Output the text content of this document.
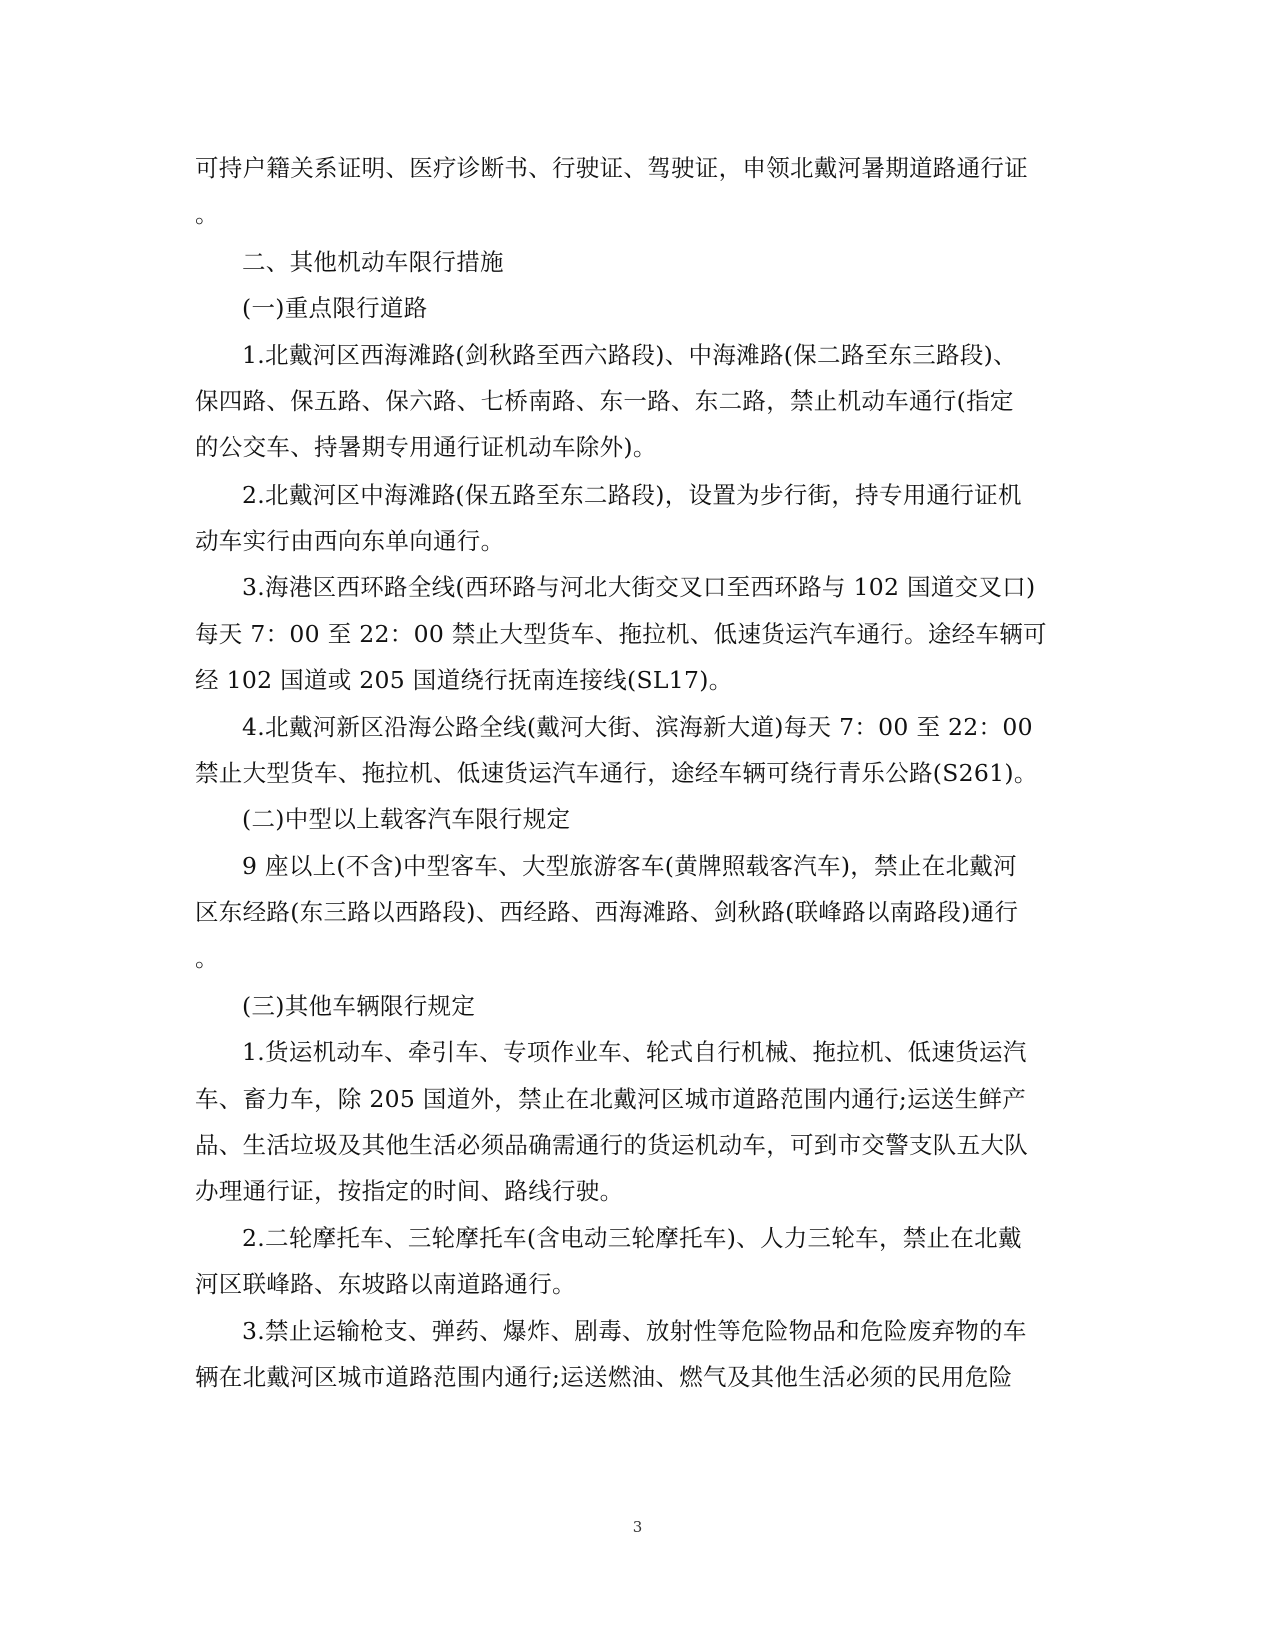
可持户籍关系证明、医疗诊断书、行驶证、驾驶证，申领北戴河暑期道路通行证
。
二、其他机动车限行措施
(一)重点限行道路
1.北戴河区西海滩路(剑秋路至西六路段)、中海滩路(保二路至东三路段)、
保四路、保五路、保六路、七桥南路、东一路、东二路，禁止机动车通行(指定
的公交车、持暑期专用通行证机动车除外)。
2.北戴河区中海滩路(保五路至东二路段)，设置为步行街，持专用通行证机
动车实行由西向东单向通行。
3.海港区西环路全线(西环路与河北大街交叉口至西环路与 102 国道交叉口)
每天 7：00 至 22：00 禁止大型货车、拖拉机、低速货运汽车通行。途经车辆可
经 102 国道或 205 国道绕行抚南连接线(SL17)。
4.北戴河新区沿海公路全线(戴河大街、滨海新大道)每天 7：00 至 22：00
禁止大型货车、拖拉机、低速货运汽车通行，途经车辆可绕行青乐公路(S261)。
(二)中型以上载客汽车限行规定
9 座以上(不含)中型客车、大型旅游客车(黄牌照载客汽车)，禁止在北戴河
区东经路(东三路以西路段)、西经路、西海滩路、剑秋路(联峰路以南路段)通行
。
(三)其他车辆限行规定
1.货运机动车、牵引车、专项作业车、轮式自行机械、拖拉机、低速货运汽
车、畜力车，除 205 国道外，禁止在北戴河区城市道路范围内通行;运送生鲜产
品、生活垃圾及其他生活必须品确需通行的货运机动车，可到市交警支队五大队
办理通行证，按指定的时间、路线行驶。
2.二轮摩托车、三轮摩托车(含电动三轮摩托车)、人力三轮车，禁止在北戴
河区联峰路、东坡路以南道路通行。
3.禁止运输枪支、弹药、爆炸、剧毒、放射性等危险物品和危险废弃物的车
辆在北戴河区城市道路范围内通行;运送燃油、燃气及其他生活必须的民用危险
3
